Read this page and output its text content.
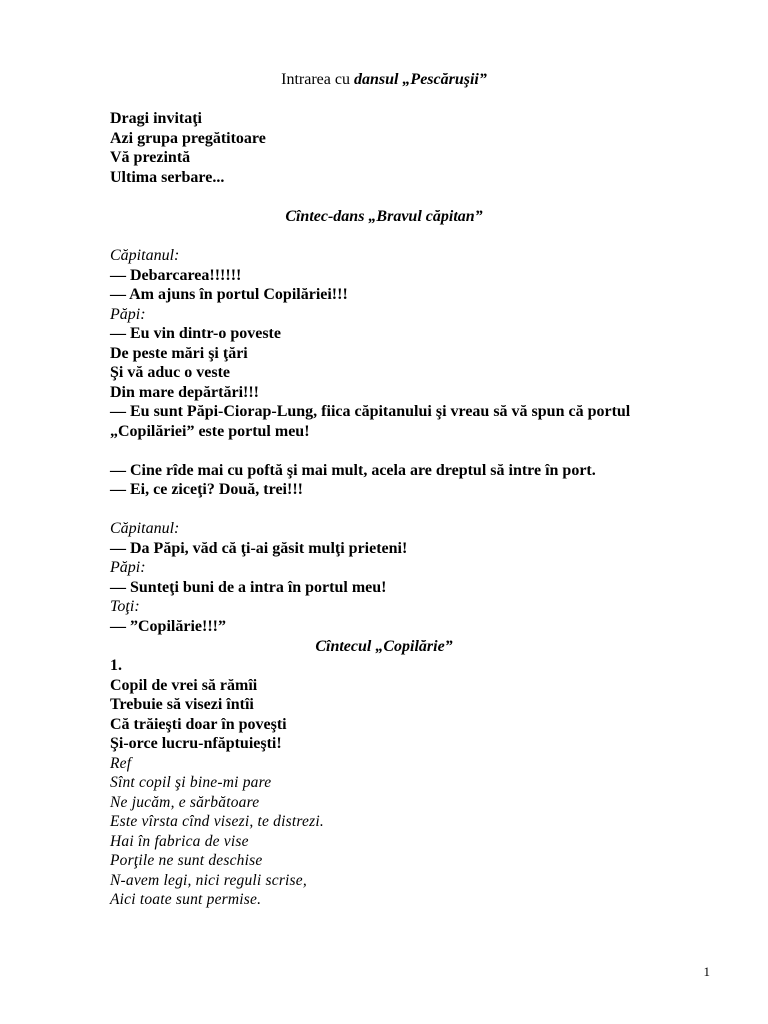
Intrarea cu dansul „Pescăruşii”
Dragi invitaţi
Azi grupa pregătitoare
Vă prezintă
Ultima serbare...
Cîntec-dans „Bravul căpitan”
Căpitanul:
— Debarcarea!!!!!!
— Am ajuns în portul Copilăriei!!!
Păpi:
— Eu vin dintr-o poveste
De peste mări şi ţări
Şi vă aduc o veste
Din mare depărtări!!!
— Eu sunt Păpi-Ciorap-Lung, fiica căpitanului şi vreau să vă spun că portul
„Copilăriei” este portul meu!
— Cine rîde mai cu poftă şi mai mult, acela are dreptul să intre în port.
— Ei, ce ziceţi? Două, trei!!!
Căpitanul:
— Da Păpi, văd că ţi-ai găsit mulţi prieteni!
Păpi:
— Sunteţi buni de a intra în portul meu!
Toţi:
— ”Copilărie!!!”
Cîntecul „Copilărie”
1.
Copil de vrei să rămîi
Trebuie să visezi întîi
Că trăieşti doar în poveşti
Şi-orce lucru-nfăptuieşti!
Ref
Sînt copil şi bine-mi pare
Ne jucăm, e sărbătoare
Este vîrsta cînd visezi, te distrezi.
Hai în fabrica de vise
Porţile ne sunt deschise
N-avem legi, nici reguli scrise,
Aici toate sunt permise.
1
